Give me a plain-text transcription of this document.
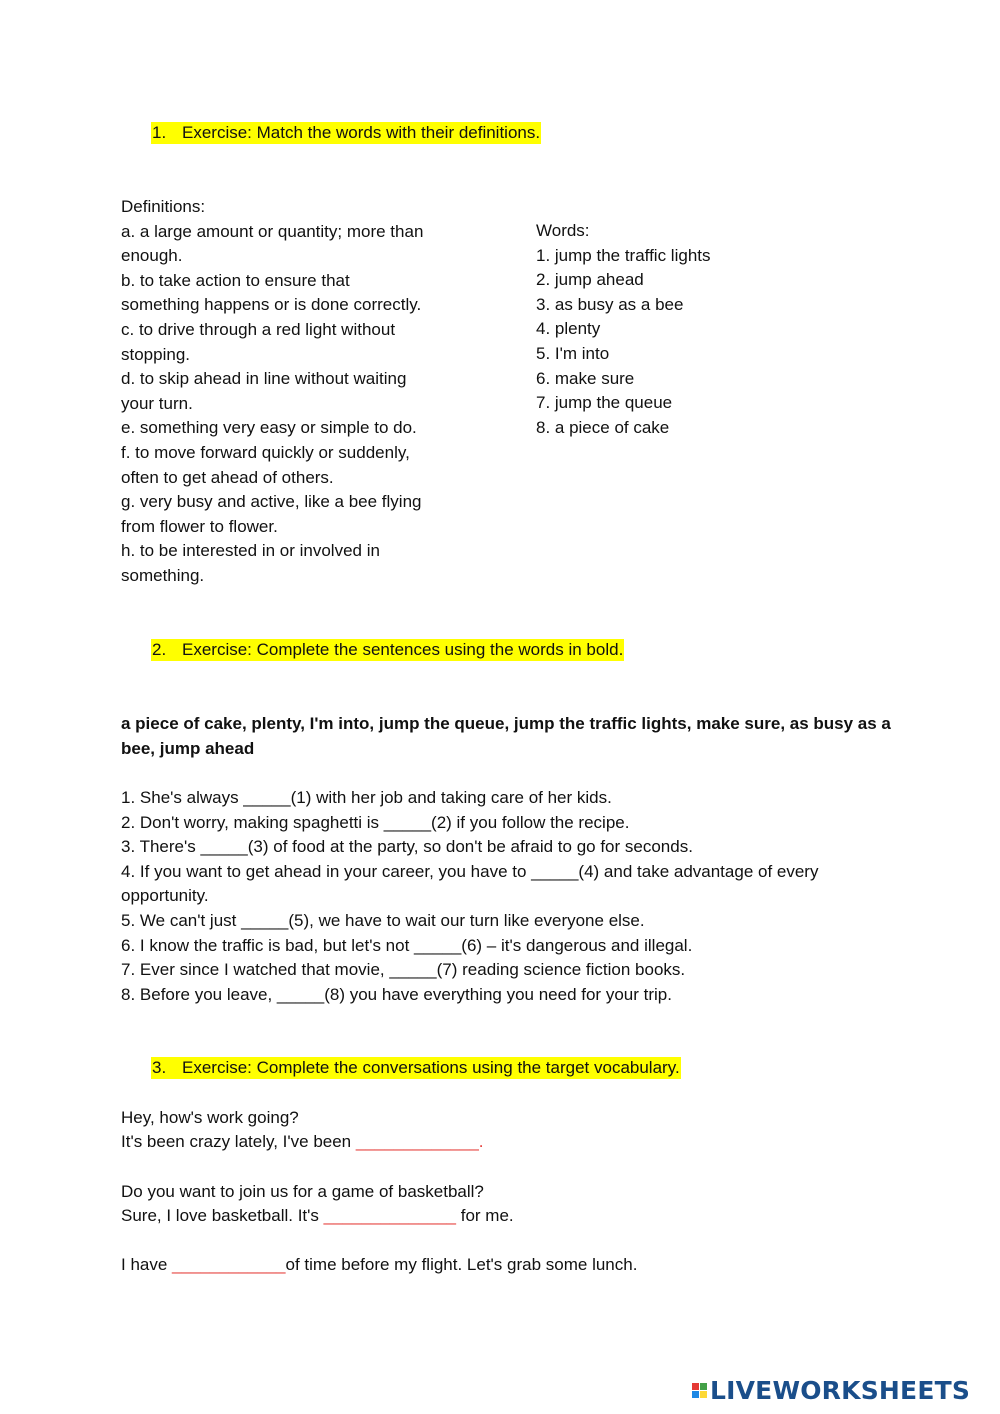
1. Exercise: Match the words with their definitions.
Definitions:
a. a large amount or quantity; more than
enough.
b. to take action to ensure that
something happens or is done correctly.
c. to drive through a red light without
stopping.
d. to skip ahead in line without waiting
your turn.
e. something very easy or simple to do.
f. to move forward quickly or suddenly,
often to get ahead of others.
g. very busy and active, like a bee flying
from flower to flower.
h. to be interested in or involved in
something.
Words:
1. jump the traffic lights
2. jump ahead
3. as busy as a bee
4. plenty
5. I'm into
6. make sure
7. jump the queue
8. a piece of cake
2. Exercise: Complete the sentences using the words in bold.
a piece of cake, plenty, I'm into, jump the queue, jump the traffic lights, make sure, as busy as a bee, jump ahead
1. She's always _____(1) with her job and taking care of her kids.
2. Don't worry, making spaghetti is _____(2) if you follow the recipe.
3. There's _____(3) of food at the party, so don't be afraid to go for seconds.
4. If you want to get ahead in your career, you have to _____(4) and take advantage of every
opportunity.
5. We can't just _____(5), we have to wait our turn like everyone else.
6. I know the traffic is bad, but let's not _____(6) – it's dangerous and illegal.
7. Ever since I watched that movie, _____(7) reading science fiction books.
8. Before you leave, _____(8) you have everything you need for your trip.
3. Exercise: Complete the conversations using the target vocabulary.
Hey, how's work going?
It's been crazy lately, I've been _____________.
Do you want to join us for a game of basketball?
Sure, I love basketball. It's ______________ for me.
I have ____________of time before my flight. Let's grab some lunch.
LIVEWORKSHEETS
